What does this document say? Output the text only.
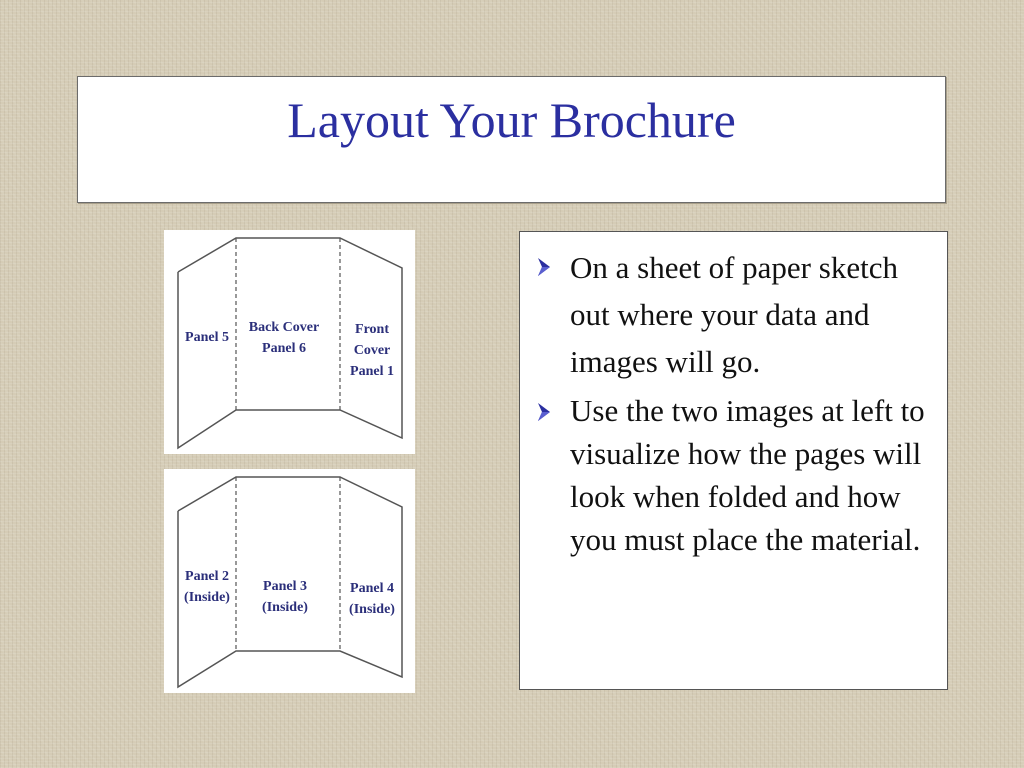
Layout Your Brochure
Panel 5
Back Cover
Panel 6
Front
Cover
Panel 1
Panel 2
(Inside)
Panel 3
(Inside)
Panel 4
(Inside)
On a sheet of paper sketch out where your data and images will go.
Use the two images at left to visualize how the pages will look when folded and how you must place the material.
